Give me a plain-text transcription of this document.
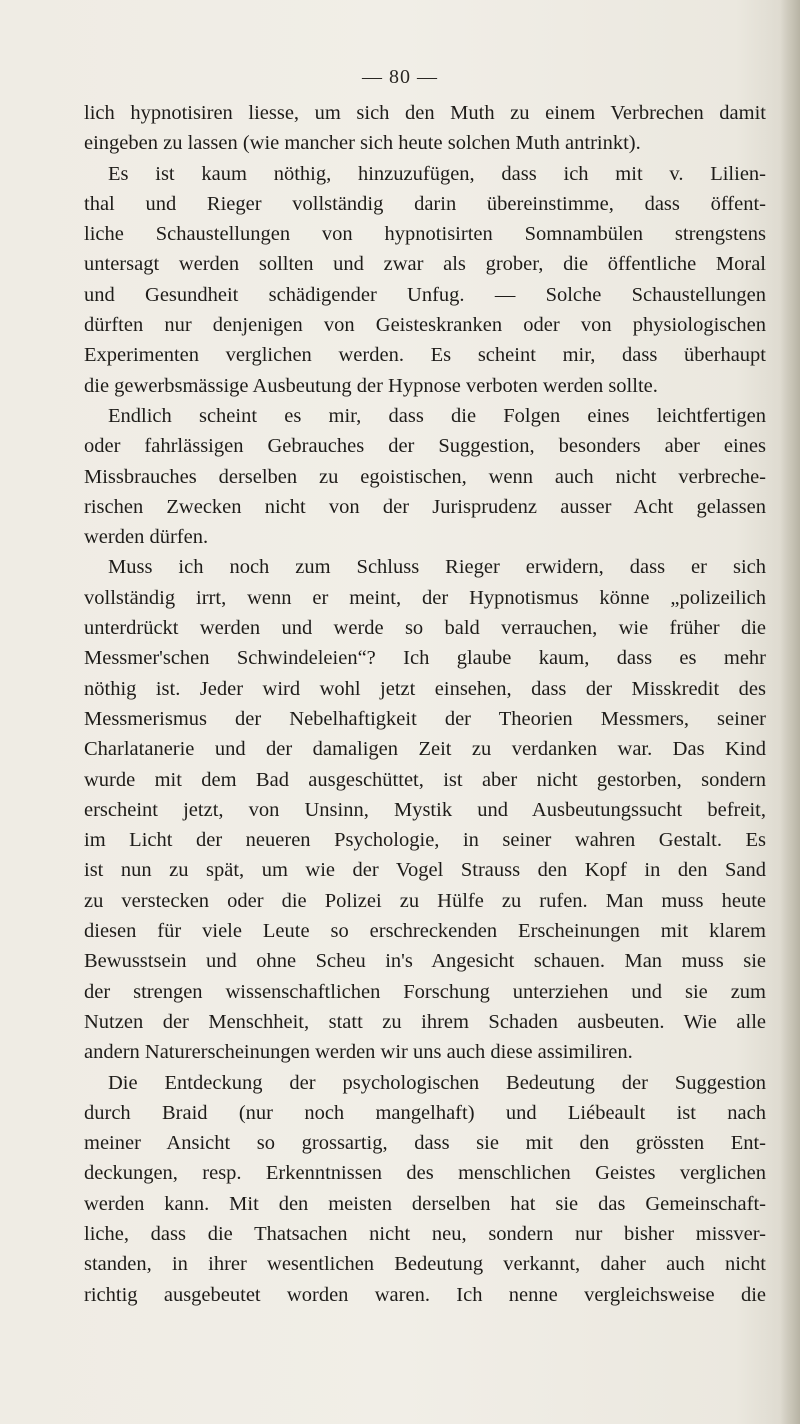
— 80 —
lich hypnotisiren liesse, um sich den Muth zu einem Verbrechen damit
eingeben zu lassen (wie mancher sich heute solchen Muth antrinkt).
Es ist kaum nöthig, hinzuzufügen, dass ich mit v. Lilien-
thal und Rieger vollständig darin übereinstimme, dass öffent-
liche Schaustellungen von hypnotisirten Somnambülen strengstens
untersagt werden sollten und zwar als grober, die öffentliche Moral
und Gesundheit schädigender Unfug. — Solche Schaustellungen
dürften nur denjenigen von Geisteskranken oder von physiologischen
Experimenten verglichen werden. Es scheint mir, dass überhaupt
die gewerbsmässige Ausbeutung der Hypnose verboten werden sollte.
Endlich scheint es mir, dass die Folgen eines leichtfertigen
oder fahrlässigen Gebrauches der Suggestion, besonders aber eines
Missbrauches derselben zu egoistischen, wenn auch nicht verbreche-
rischen Zwecken nicht von der Jurisprudenz ausser Acht gelassen
werden dürfen.
Muss ich noch zum Schluss Rieger erwidern, dass er sich
vollständig irrt, wenn er meint, der Hypnotismus könne „polizeilich
unterdrückt werden und werde so bald verrauchen, wie früher die
Messmer'schen Schwindeleien“? Ich glaube kaum, dass es mehr
nöthig ist. Jeder wird wohl jetzt einsehen, dass der Misskredit des
Messmerismus der Nebelhaftigkeit der Theorien Messmers, seiner
Charlatanerie und der damaligen Zeit zu verdanken war. Das Kind
wurde mit dem Bad ausgeschüttet, ist aber nicht gestorben, sondern
erscheint jetzt, von Unsinn, Mystik und Ausbeutungssucht befreit,
im Licht der neueren Psychologie, in seiner wahren Gestalt. Es
ist nun zu spät, um wie der Vogel Strauss den Kopf in den Sand
zu verstecken oder die Polizei zu Hülfe zu rufen. Man muss heute
diesen für viele Leute so erschreckenden Erscheinungen mit klarem
Bewusstsein und ohne Scheu in's Angesicht schauen. Man muss sie
der strengen wissenschaftlichen Forschung unterziehen und sie zum
Nutzen der Menschheit, statt zu ihrem Schaden ausbeuten. Wie alle
andern Naturerscheinungen werden wir uns auch diese assimiliren.
Die Entdeckung der psychologischen Bedeutung der Suggestion
durch Braid (nur noch mangelhaft) und Liébeault ist nach
meiner Ansicht so grossartig, dass sie mit den grössten Ent-
deckungen, resp. Erkenntnissen des menschlichen Geistes verglichen
werden kann. Mit den meisten derselben hat sie das Gemeinschaft-
liche, dass die Thatsachen nicht neu, sondern nur bisher missver-
standen, in ihrer wesentlichen Bedeutung verkannt, daher auch nicht
richtig ausgebeutet worden waren. Ich nenne vergleichsweise die
